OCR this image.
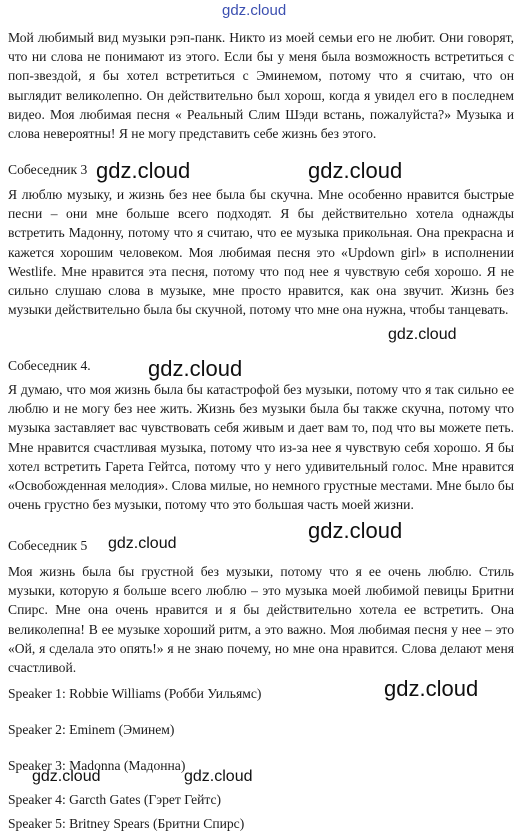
gdz.cloud

Мой любимый вид музыки рэп-панк. Никто из моей семьи его не любит. Они говорят, что ни слова не понимают из этого. Если бы у меня была возможность встретиться с поп-звездой, я бы хотел встретиться с Эминемом, потому что я считаю, что он выглядит великолепно. Он действительно был хорош, когда я увидел его в последнем видео. Моя любимая песня « Реальный Слим Шэди встань, пожалуйста?» Музыка и слова невероятны! Я не могу представить себе жизнь без этого.

Собеседник 3 gdz.cloud	gdz.cloud

Я люблю музыку, и жизнь без нее была бы скучна. Мне особенно нравится быстрые песни – они мне больше всего подходят. Я бы действительно хотела однажды встретить Мадонну, потому что я считаю, что ее музыка прикольная. Она прекрасна и кажется хорошим человеком. Моя любимая песня это «Updown girl» в исполнении Westlife. Мне нравится эта песня, потому что под нее я чувствую себя хорошо. Я не сильно слушаю слова в музыке, мне просто нравится, как она звучит. Жизнь без музыки действительно была бы скучной, потому что мне она нужна, чтобы танцевать.

gdz.cloud

Собеседник 4.	gdz.cloud

Я думаю, что моя жизнь была бы катастрофой без музыки, потому что я так сильно ее люблю и не могу без нее жить. Жизнь без музыки была бы также скучна, потому что музыка заставляет вас чувствовать себя живым и дает вам то, под что вы можете петь. Мне нравится счастливая музыка, потому что из-за нее я чувствую себя хорошо. Я бы хотел встретить Гарета Гейтса, потому что у него удивительный голос. Мне нравится «Освобожденная мелодия». Слова милые, но немного грустные местами. Мне было бы очень грустно без музыки, потому что это большая часть моей жизни.

Собеседник 5 gdz.cloud
gdz.cloud

Моя жизнь была бы грустной без музыки, потому что я ее очень люблю. Стиль музыки, которую я больше всего люблю – это музыка моей любимой певицы Бритни Спирс. Мне она очень нравится и я бы действительно хотела ее встретить. Она великолепна! В ее музыке хороший ритм, а это важно. Моя любимая песня у нее – это «Ой, я сделала это опять!» я не знаю почему, но мне она нравится. Слова делают меня счастливой.

Speaker 1: Robbie Williams (Робби Уильямс)	gdz.cloud

Speaker 2: Eminem (Эминем)

Speaker 3: Madonna (Мадонна)

gdz.cloud	gdz.cloud

Speaker 4: Garcth Gates (Гэрет Гейтс)

Speaker 5: Britney Spears (Бритни Спирс)
